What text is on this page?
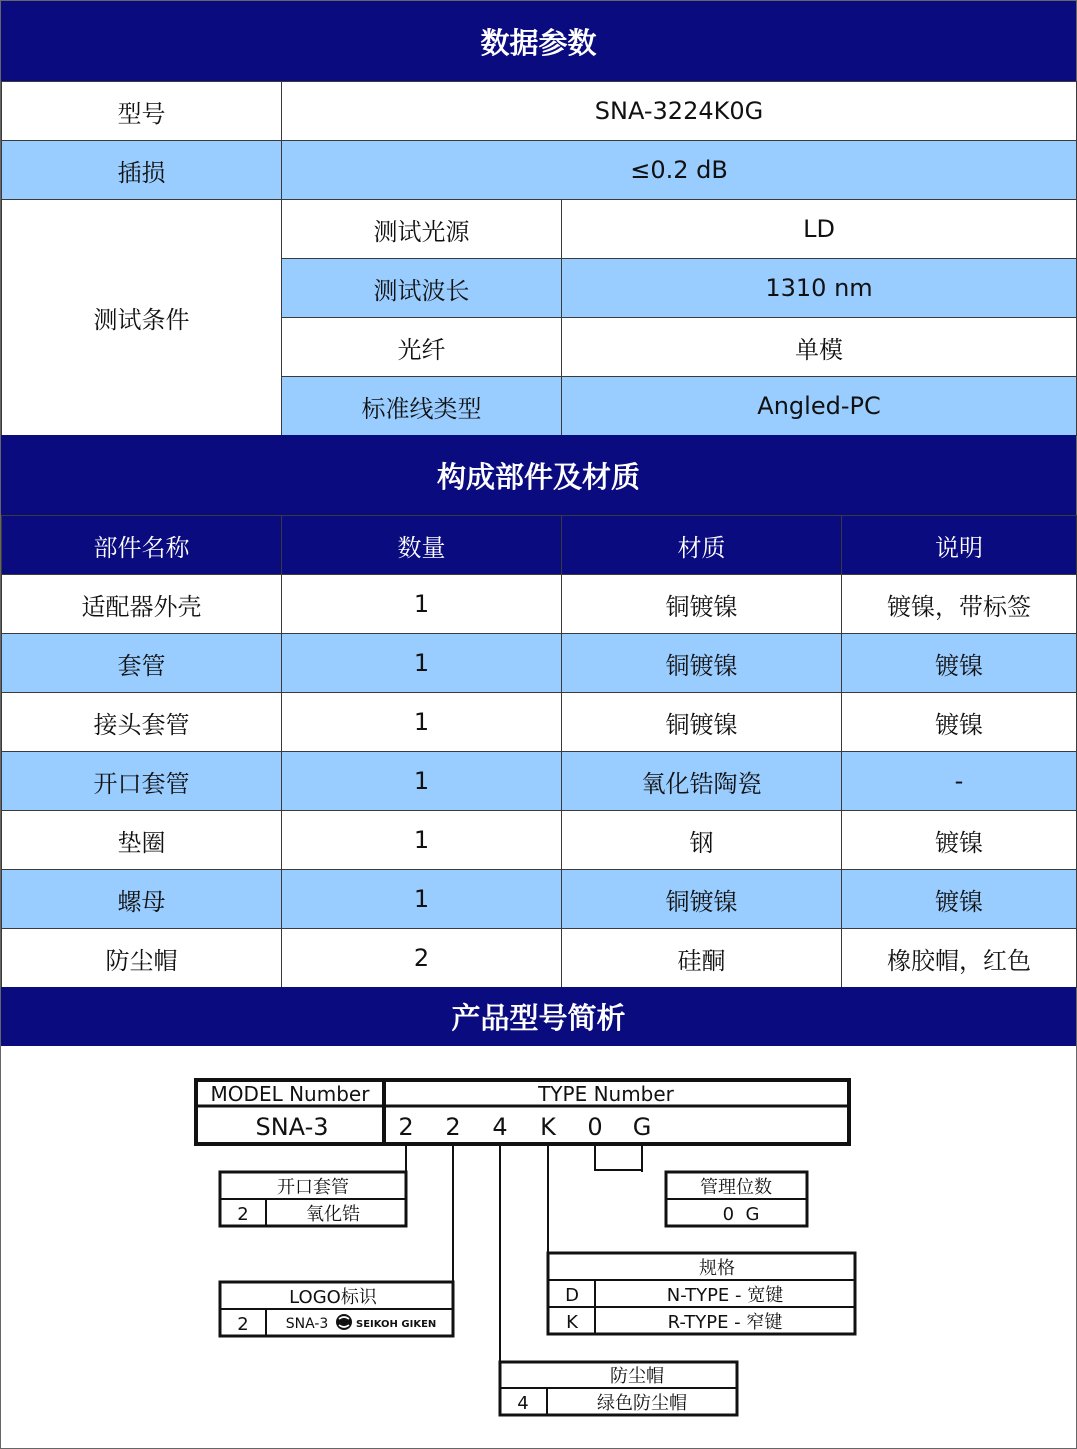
数据参数
型号	SNA-3224K0G	
插损	≤0.2 dB	
测试条件	测试光源	LD
	测试波长	1310 nm
	光纤	单模
	标准线类型	Angled-PC
构成部件及材质
部件名称	数量	材质	说明
适配器外壳	1	铜镀镍	镀镍，带标签
套管	1	铜镀镍	镀镍
接头套管	1	铜镀镍	镀镍
开口套管	1	氧化锆陶瓷	-
垫圈	1	钢	镀镍
螺母	1	铜镀镍	镀镍
防尘帽	2	硅酮	橡胶帽，红色
产品型号简析
MODEL Number	TYPE Number
SNA-3	2 2 4 K 0 G
开口套管
2	氧化锆
管理位数
0  G
规格
D	N-TYPE - 宽键
K	R-TYPE - 窄键
LOGO标识
2	SNA-3	SEIKOH GIKEN
防尘帽
4	绿色防尘帽
